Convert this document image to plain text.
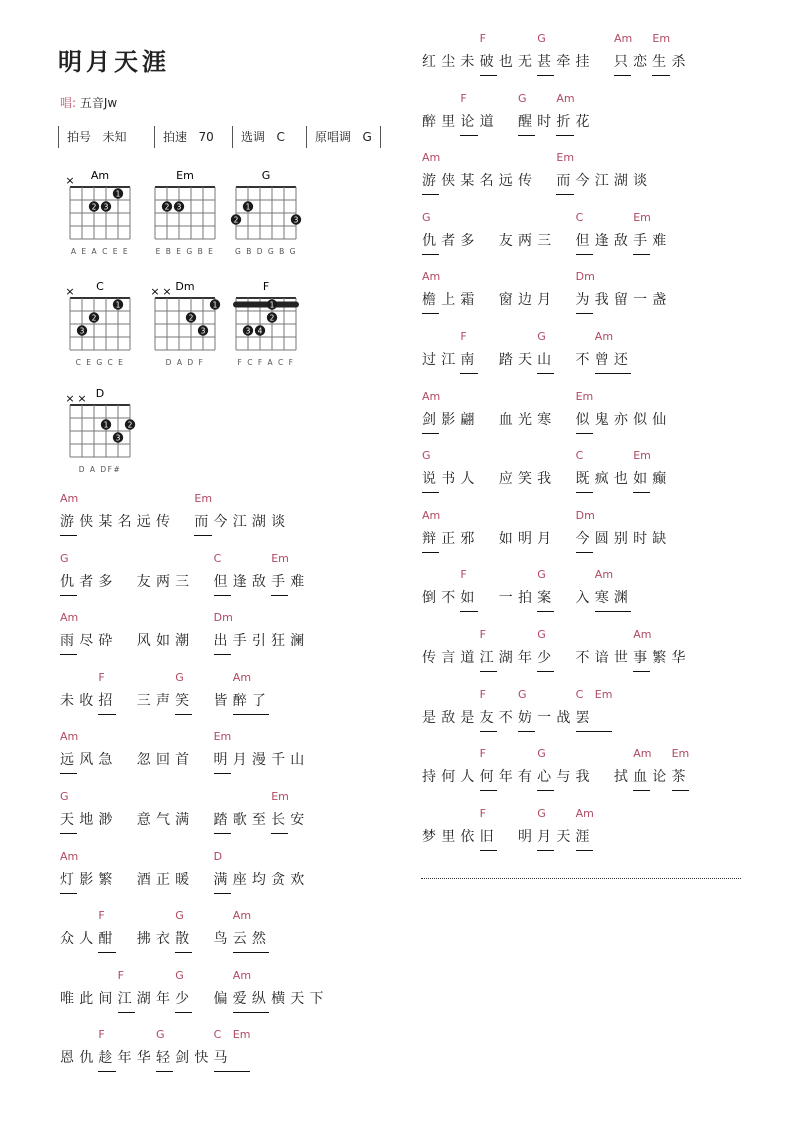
明月天涯
唱: 五音Jw
拍号 未知	拍速 70	选调 C	原唱调 G
Am
×
1
2 3
A E A C E E
Em
2 3
E B E G B E
G
1
2	3
G B D G B G
C
×
1
2
3
C E G C E
Dm
× ×
1
2
3
D A D F
F
1
2
3 4
F C F A C F
D
× ×
1	2
3
D A DF#
游 侠 某 名 远 传 而 今 江 湖 谈
Am	Em
仇 者 多 友 两 三 但 逢 敌 手 难
G	C	Em
雨 尽 砕 风 如 潮 出 手 引 狂 澜
Am	Dm
未 收 招 三 声 笑 皆 醉 了
F	G	Am
远 风 急 忽 回 首 明 月 漫 千 山
Am	Em
天 地 渺 意 气 满 踏 歌 至 长 安
G	Em
灯 影 繁 酒 正 暖 满 座 均 贪 欢
Am	D
众 人 酣 拂 衣 散 鸟 云 然
F	G	Am
唯 此 间 江 湖 年 少 偏 爱 纵 横 天 下
F	G	Am
恩 仇 趁 年 华 轻 剑 快 马
F	G	C Em
红 尘 未 破 也 无 甚 牵 挂 只 恋 生 杀
F	G	Am Em
醉 里 论 道 醒 时 折 花
F	G	Am
游 侠 某 名 远 传 而 今 江 湖 谈
Am	Em
仇 者 多 友 两 三 但 逢 敌 手 难
G	C	Em
檐 上 霜 窗 边 月 为 我 留 一 盏
Am	Dm
过 江 南 踏 天 山 不 曾 还
F	G	Am
剑 影 翩 血 光 寒 似 鬼 亦 似 仙
Am	Em
说 书 人 应 笑 我 既 疯 也 如 癫
G	C	Em
辩 正 邪 如 明 月 今 圆 别 时 缺
Am	Dm
倒 不 如 一 拍 案 入 寒 渊
F	G	Am
传 言 道 江 湖 年 少 不 谙 世 事 繁 华
F	G	Am
是 敌 是 友 不 妨 一 战 罢
F	G	C Em
持 何 人 何 年 有 心 与 我 拭 血 论 茶
F	G	Am Em
梦 里 依 旧 明 月 天 涯
F	G	Am
